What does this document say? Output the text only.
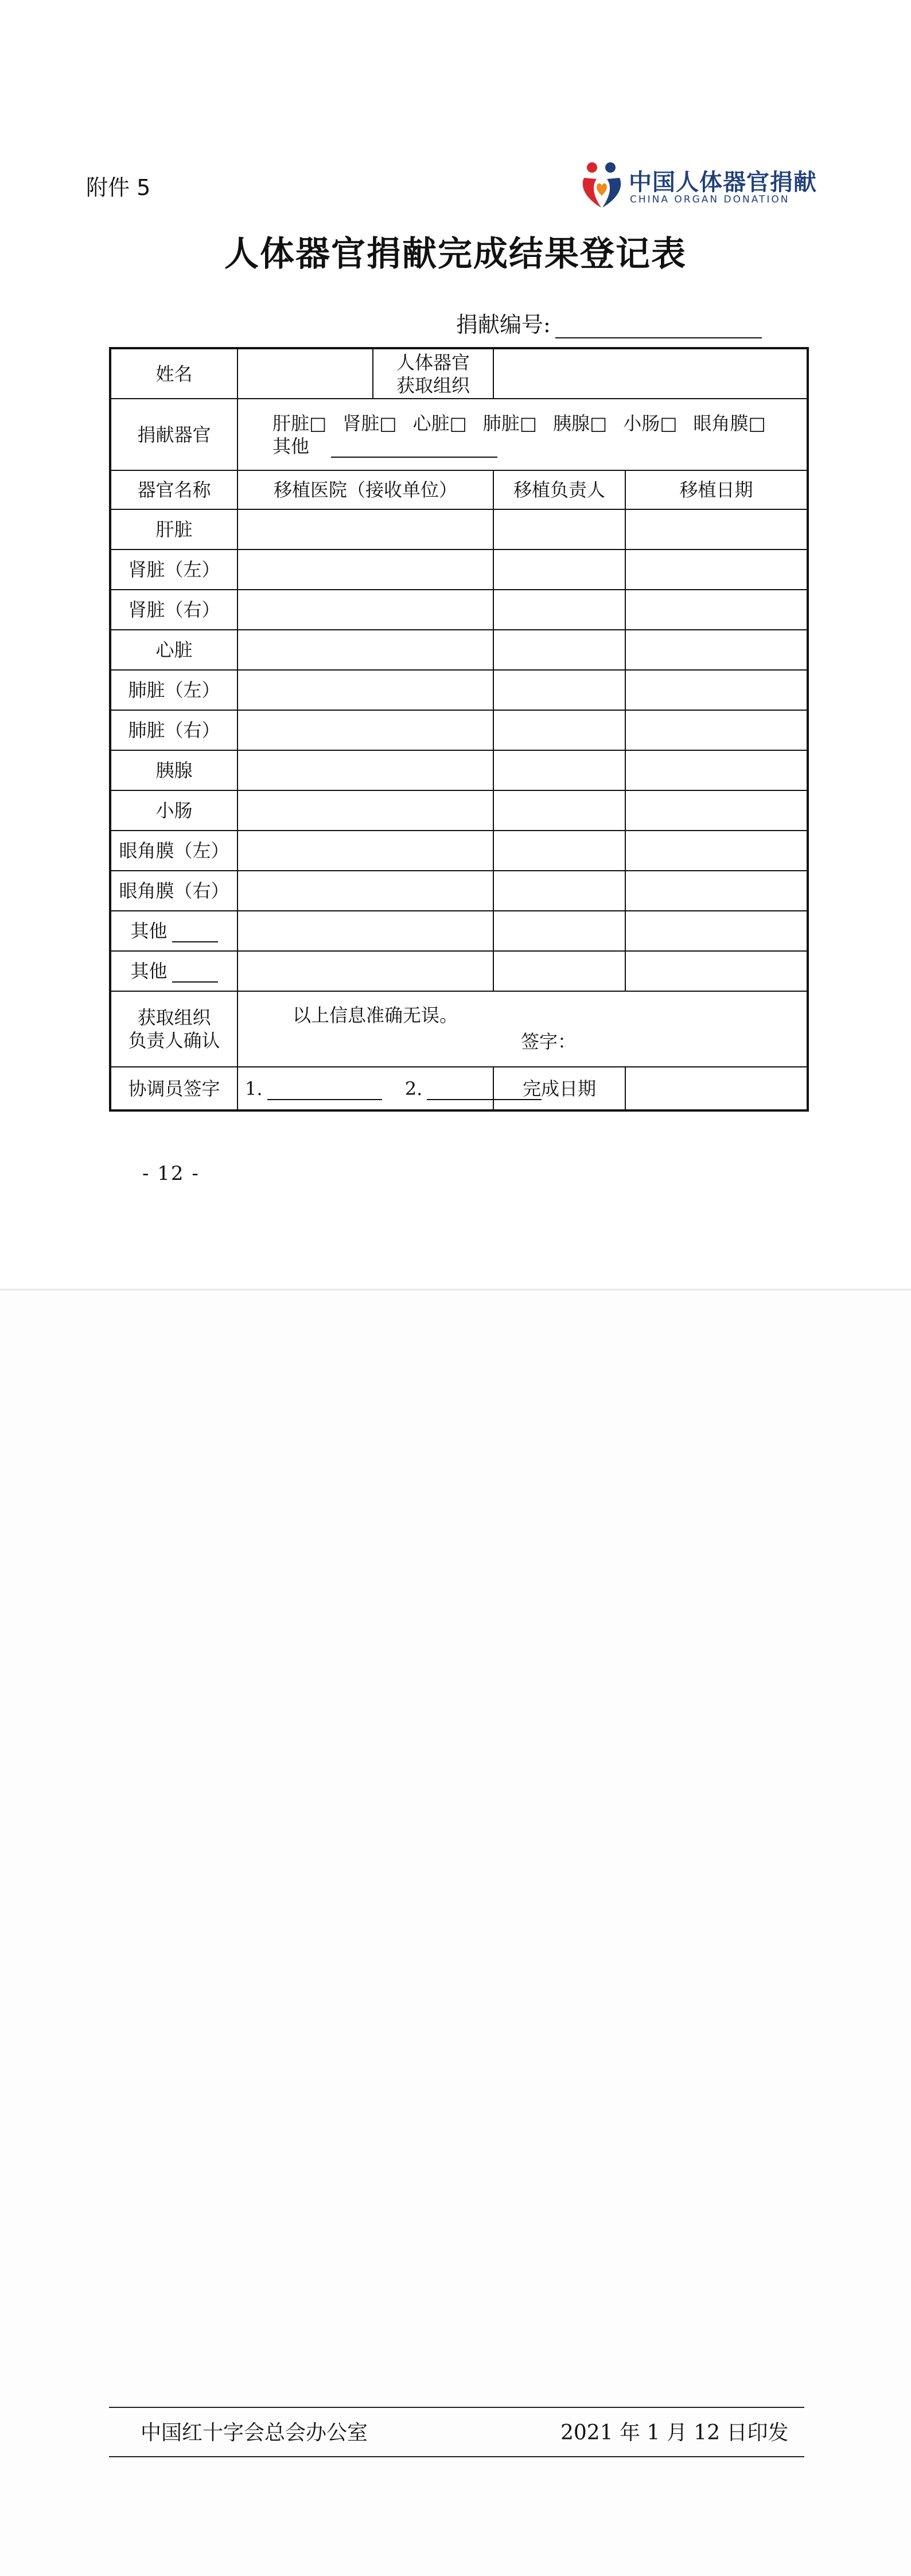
附件 5	中国人体器官捐献
CHINA ORGAN DONATION
人体器官捐献完成结果登记表
捐献编号:
姓名		人体器官
获取组织		
捐献器官	肝脏□ 肾脏□ 心脏□ 肺脏□ 胰腺□ 小肠□ 眼角膜□
其他			
器官名称	移植医院（接收单位）		移植负责人	移植日期
肝脏				
肾脏（左）				
肾脏（右）				
心脏				
肺脏（左）				
肺脏（右）				
胰腺				
小肠				
眼角膜（左）				
眼角膜（右）				
其他				
其他				
获取组织
负责人确认	以上信息准确无误。
签字：			

协调员签字	1. 2.		完成日期	
- 12 -
中国红十字会总会办公室	2021 年 1 月 12 日印发
